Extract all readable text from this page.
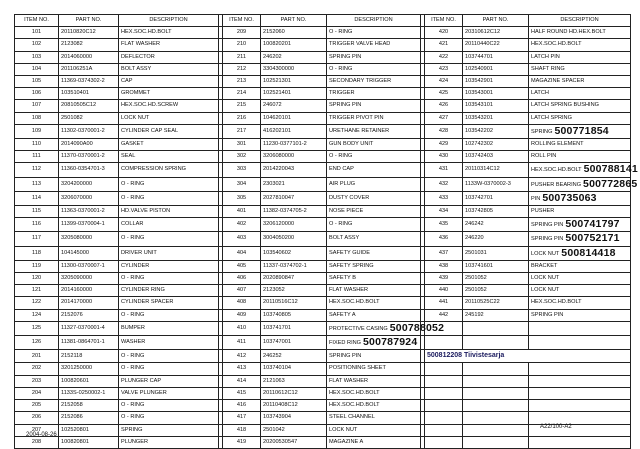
ITEM NO.	PART NO.	DESCRIPTION		ITEM NO.	PART NO.	DESCRIPTION		ITEM NO.	PART NO.	DESCRIPTION
101	20110820C12	HEX.SOC.HD.BOLT		209	2152060	O - RING		420	20310612C12	HALF ROUND HD.HEX.BOLT
102	2123082	FLAT WASHER		210	100820201	TRIGGER VALVE HEAD		421	20110440C22	HEX.SOC.HD.BOLT
103	2014060000	DEFLECTOR		211	246202	SPRING PIN		422	103744701	LATCH PIN
104	201106251A	BOLT ASSY		212	3304300000	O - RING		423	102540901	SHAFT RING
105	11369-0374302-2	CAP		213	102521301	SECONDARY TRIGGER		424	103542901	MAGAZINE SPACER
106	103510401	GROMMET		214	102521401	TRIGGER		425	103543001	LATCH
107	20810505C12	HEX.SOC.HD.SCREW		215	246072	SPRING PIN		426	103543101	LATCH SPRING BUSHING
108	2501082	LOCK NUT		216	104620101	TRIGGER PIVOT PIN		427	103543201	LATCH SPRING
109	11302-0370001-2	CYLINDER CAP SEAL		217	416202101	URETHANE RETAINER		428	103542202	SPRING 500771854
110	2014090A00	GASKET		301	11230-0377101-2	GUN BODY UNIT		429	102742302	ROLLING ELEMENT
111	11370-0370001-2	SEAL		302	3206080000	O - RING		430	103742403	ROLL PIN
112	11360-0354701-3	COMPRESSION SPRING		303	2014220043	END CAP		431	20110314C12	HEX.SOC.HD.BOLT 500788141
113	3204200000	O - RING		304	2303021	AIR PLUG		432	1133W-0370002-3	PUSHER BEARING 500772865
114	3206070000	O - RING		305	2027810047	DUSTY COVER		433	103742701	PIN 500735063
115	11363-0370001-2	HD.VALVE PISTON		401	11382-0374705-2	NOSE PIECE		434	103742805	PUSHER
116	11399-0370004-1	COLLAR		402	3206120000	O - RING		435	246242	SPRING PIN 500741797
117	3205080000	O - RING		403	3004050200	BOLT ASSY		436	246220	SPRING PIN 500752171
118	104145000	DRIVER UNIT		404	103540602	SAFETY GUIDE		437	2501031	LOCK NUT 500814418
119	11300-0370007-1	CYLINDER		405	11337-0374702-1	SAFETY SPRING		438	103741601	BRACKET
120	3205090000	O - RING		406	2020890847	SAFETY B		439	2501052	LOCK NUT
121	2014160000	CYLINDER RING		407	2123052	FLAT WASHER		440	2501052	LOCK NUT
122	2014170000	CYLINDER SPACER		408	20110516C12	HEX.SOC.HD.BOLT		441	20110525C22	HEX.SOC.HD.BOLT
124	2152076	O - RING		409	103740805	SAFETY A		442	245192	SPRING PIN
125	11327-0370001-4	BUMPER		410	103741701	PROTECTIVE CASING 500788052				
126	11381-0864701-1	WASHER		411	103747001	FIXED RING 500787924				
201	2152118	O - RING		412	246252	SPRING PIN		500812208 Tiivistesarja		
202	3201250000	O - RING		413	103740104	POSITIONING SHEET				
203	100820601	PLUNGER CAP		414	2121063	FLAT WASHER				
204	1133S-0250002-1	VALVE PLUNGER		415	20110612C12	HEX.SOC.HD.BOLT				
205	2152058	O - RING		416	20110408C12	HEX.SOC.HD.BOLT				
206	2152086	O - RING		417	103743904	STEEL CHANNEL				
207	102520801	SPRING		418	2501042	LOCK NUT				
208	100820801	PLUNGER		419	20200530547	MAGAZINE A				
2004-08-26
A22/100-A2
